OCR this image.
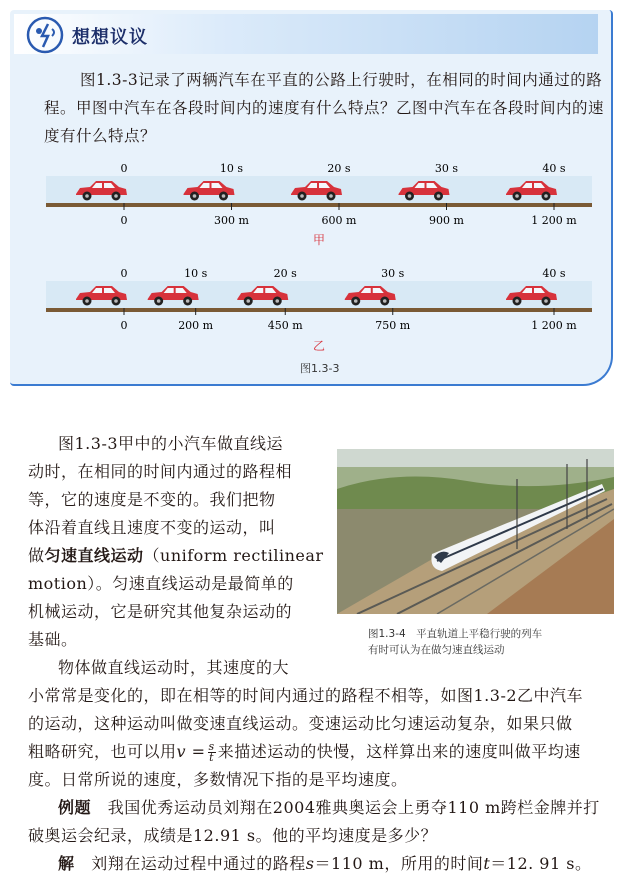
想想议议
图1.3-3记录了两辆汽车在平直的公路上行驶时，在相同的时间内通过的路程。甲图中汽车在各段时间内的速度有什么特点？乙图中汽车在各段时间内的速度有什么特点？
0
0
10 s
300 m
20 s
600 m
30 s
900 m
40 s
1 200 m
甲
0
0
10 s
200 m
20 s
450 m
30 s
750 m
40 s
1 200 m
乙
图1.3-3
图1.3-4　平直轨道上平稳行驶的列车
有时可认为在做匀速直线运动
图1.3-3甲中的小汽车做直线运
动时，在相同的时间内通过的路程相
等，它的速度是不变的。我们把物
体沿着直线且速度不变的运动，叫
做匀速直线运动（uniform rectilinear
motion）。匀速直线运动是最简单的
机械运动，它是研究其他复杂运动的
基础。
物体做直线运动时，其速度的大
小常常是变化的，即在相等的时间内通过的路程不相等，如图1.3-2乙中汽车
的运动，这种运动叫做变速直线运动。变速运动比匀速运动复杂，如果只做
粗略研究，也可以用$v = \frac{s}{t}$ 来描述运动的快慢，这样算出来的速度叫做平均速
度。日常所说的速度，多数情况下指的是平均速度。
例题 我国优秀运动员刘翔在2004雅典奥运会上勇夺110 m跨栏金牌并打
破奥运会纪录，成绩是12.91 s。他的平均速度是多少？
解 刘翔在运动过程中通过的路程s＝110 m，所用的时间t＝12. 91 s。
